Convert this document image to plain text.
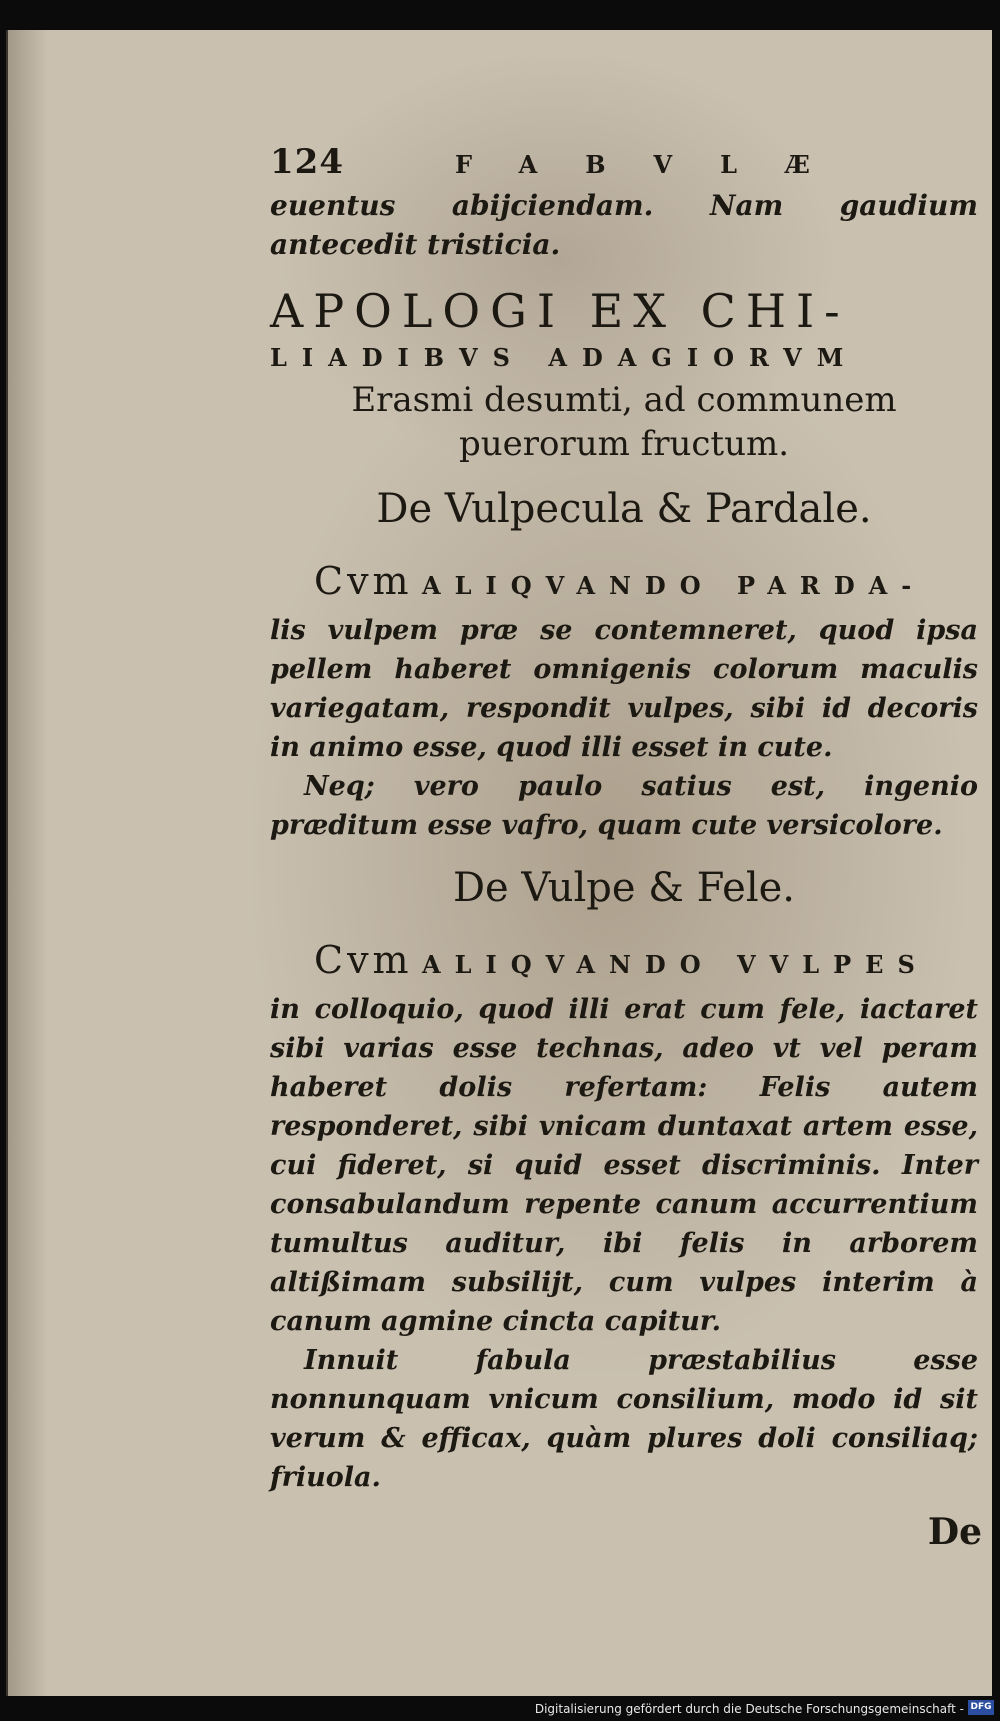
124	FABVLÆ

euentus abijciendam. Nam gaudium antecedit tristicia.

APOLOGI EX CHI-
LIADIBVS ADAGIORVM

Erasmi desumti, ad communem

puerorum fructum.

De Vulpecula & Pardale.

Cvm ALIQVANDO PARDA-
lis vulpem præ se contemneret, quod ipsa pellem haberet omnigenis colorum maculis variegatam, respondit vulpes, sibi id decoris in animo esse, quod illi esset in cute.

Neq; vero paulo satius est, ingenio præditum esse vafro, quam cute versicolore.

De Vulpe & Fele.

Cvm ALIQVANDO VVLPES
in colloquio, quod illi erat cum fele, iactaret sibi varias esse technas, adeo vt vel peram haberet dolis refertam: Felis autem responderet, sibi vnicam duntaxat artem esse, cui fideret, si quid esset discriminis. Inter consabulandum repente canum accurrentium tumultus auditur, ibi felis in arborem altißimam subsilijt, cum vulpes interim à canum agmine cincta capitur.

Innuit fabula præstabilius esse nonnunquam vnicum consilium, modo id sit verum & efficax, quàm plures doli consiliaq; friuola.

De
Digitalisierung gefördert durch die Deutsche Forschungsgemeinschaft - DFG
